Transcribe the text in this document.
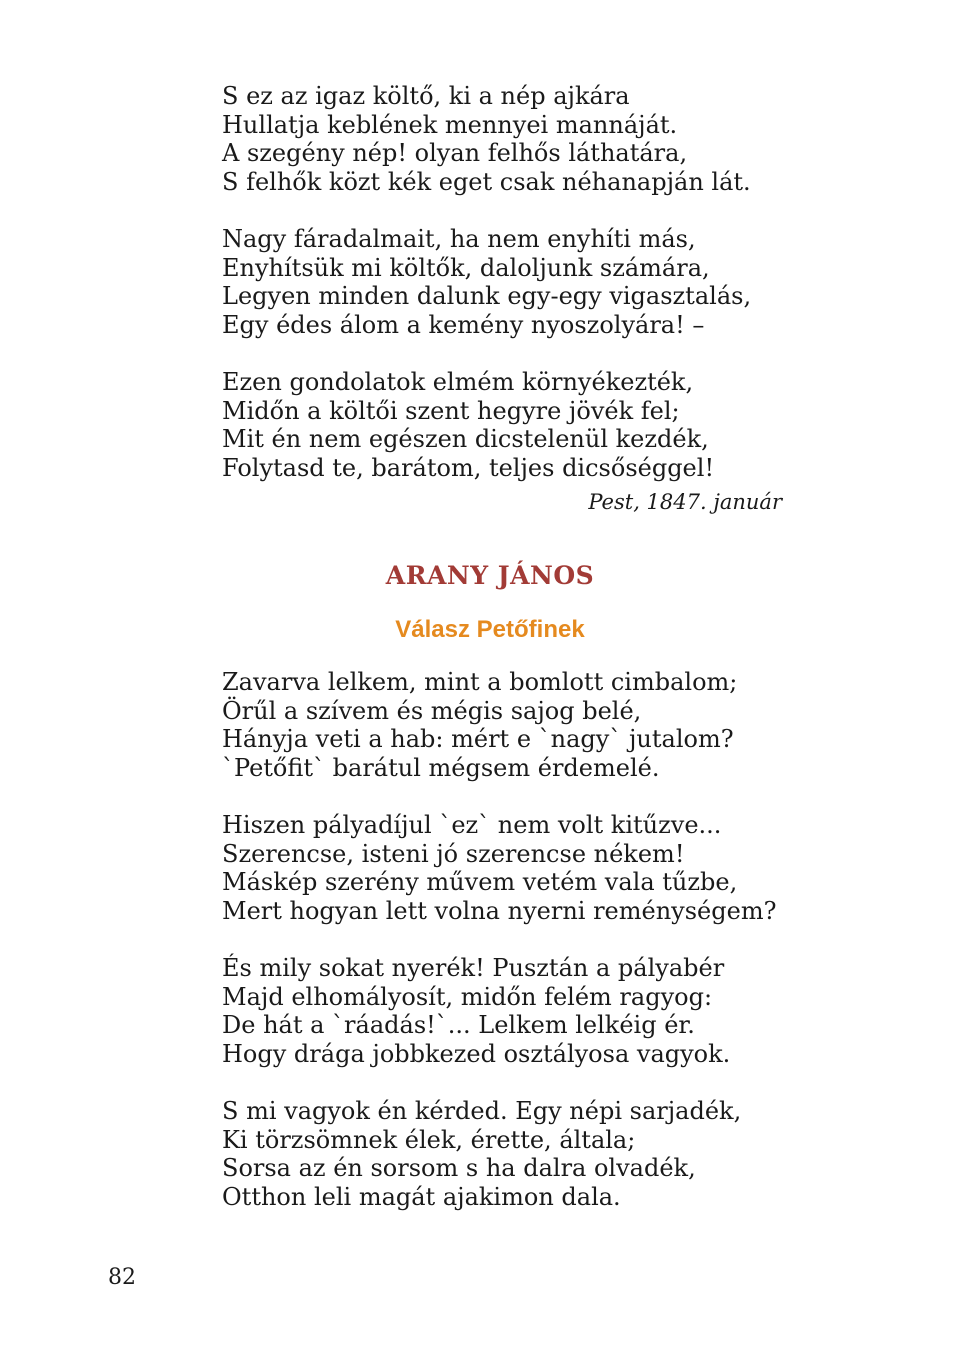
S ez az igaz költő, ki a nép ajkára
Hullatja keblének mennyei mannáját.
A szegény nép! olyan felhős láthatára,
S felhők közt kék eget csak néhanapján lát.
Nagy fáradalmait, ha nem enyhíti más,
Enyhítsük mi költők, daloljunk számára,
Legyen minden dalunk egy-egy vigasztalás,
Egy édes álom a kemény nyoszolyára! –
Ezen gondolatok elmém környékezték,
Midőn a költői szent hegyre jövék fel;
Mit én nem egészen dicstelenül kezdék,
Folytasd te, barátom, teljes dicsőséggel!
Pest, 1847. január
ARANY JÁNOS
Válasz Petőfinek
Zavarva lelkem, mint a bomlott cimbalom;
Örűl a szívem és mégis sajog belé,
Hányja veti a hab: mért e `nagy` jutalom?
`Petőfit` barátul mégsem érdemelé.
Hiszen pályadíjul `ez` nem volt kitűzve...
Szerencse, isteni jó szerencse nékem!
Máskép szerény művem vetém vala tűzbe,
Mert hogyan lett volna nyerni reménységem?
És mily sokat nyerék! Pusztán a pályabér
Majd elhomályosít, midőn felém ragyog:
De hát a `ráadás!`... Lelkem lelkéig ér.
Hogy drága jobbkezed osztályosa vagyok.
S mi vagyok én kérded. Egy népi sarjadék,
Ki törzsömnek élek, érette, általa;
Sorsa az én sorsom s ha dalra olvadék,
Otthon leli magát ajakimon dala.
82
